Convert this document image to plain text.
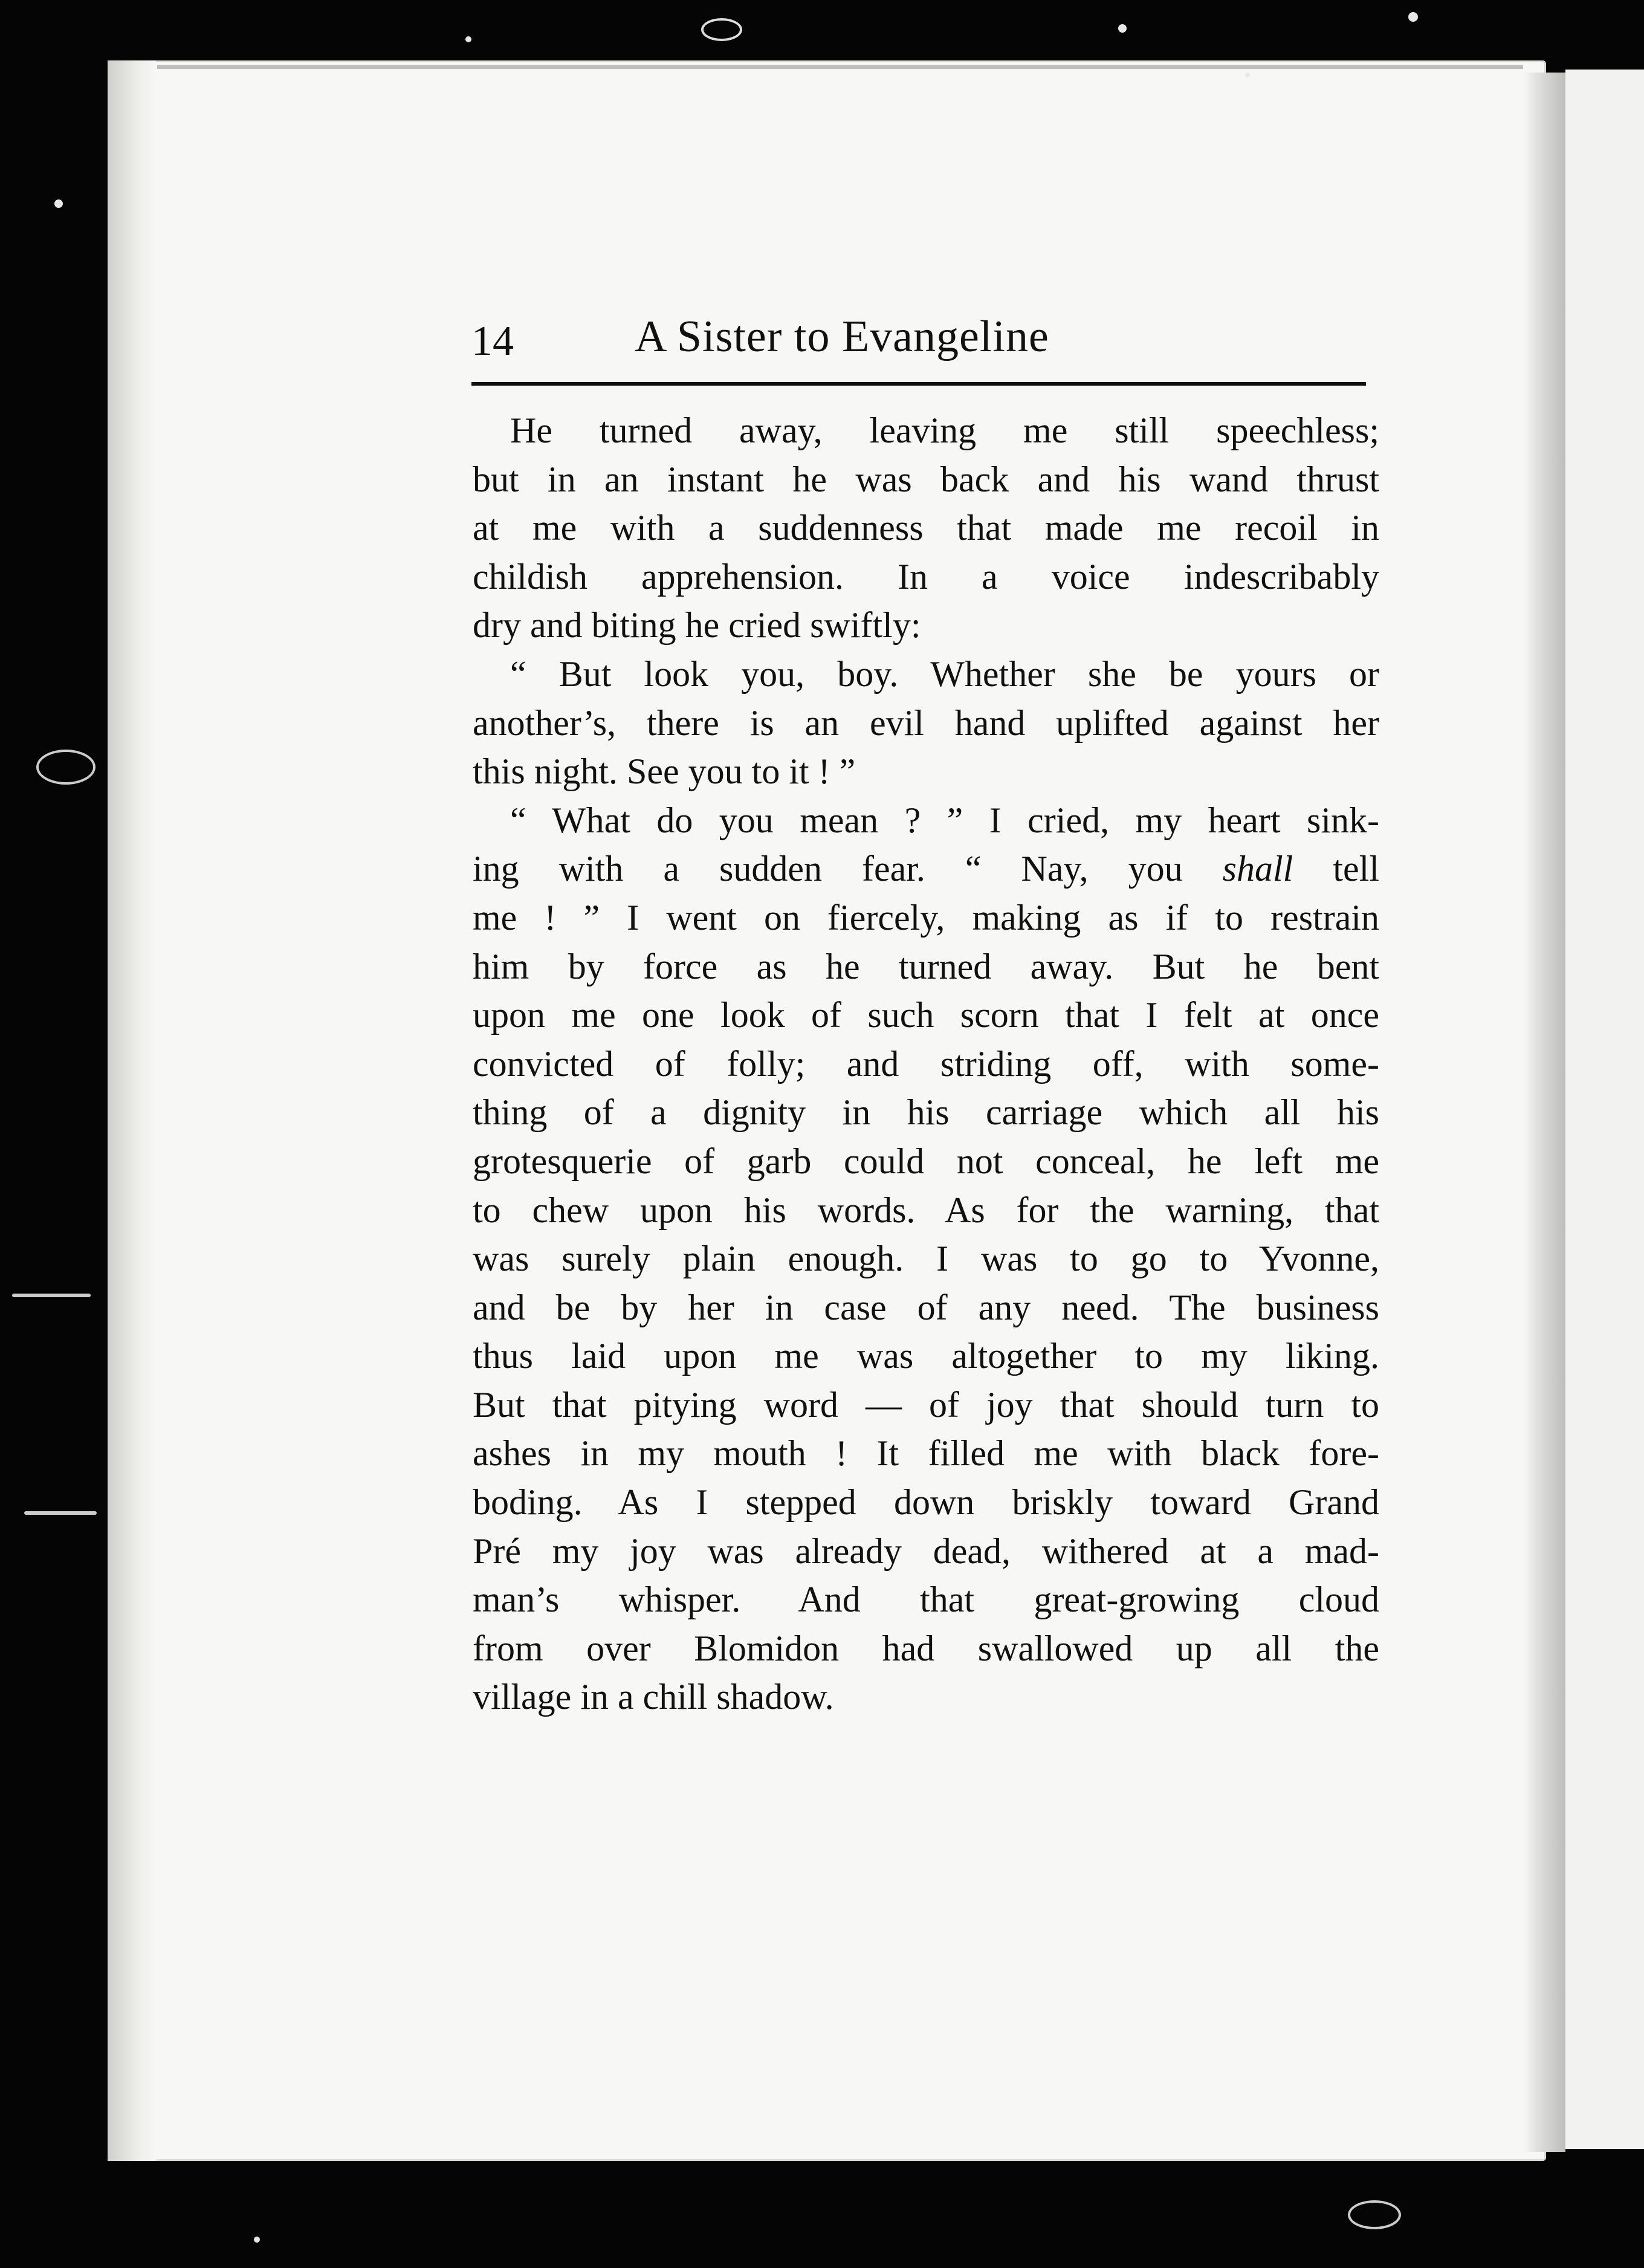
14	A Sister to Evangeline
He turned away, leaving me still speechless;
but in an instant he was back and his wand thrust
at me with a suddenness that made me recoil in
childish apprehension. In a voice indescribably
dry and biting he cried swiftly:
“ But look you, boy. Whether she be yours or
another’s, there is an evil hand uplifted against her
this night. See you to it ! ”
“ What do you mean ? ” I cried, my heart sink-
ing with a sudden fear. “ Nay, you shall tell
me ! ” I went on fiercely, making as if to restrain
him by force as he turned away. But he bent
upon me one look of such scorn that I felt at once
convicted of folly; and striding off, with some-
thing of a dignity in his carriage which all his
grotesquerie of garb could not conceal, he left me
to chew upon his words. As for the warning, that
was surely plain enough. I was to go to Yvonne,
and be by her in case of any need. The business
thus laid upon me was altogether to my liking.
But that pitying word — of joy that should turn to
ashes in my mouth ! It filled me with black fore-
boding. As I stepped down briskly toward Grand
Pré my joy was already dead, withered at a mad-
man’s whisper. And that great-growing cloud
from over Blomidon had swallowed up all the
village in a chill shadow.
